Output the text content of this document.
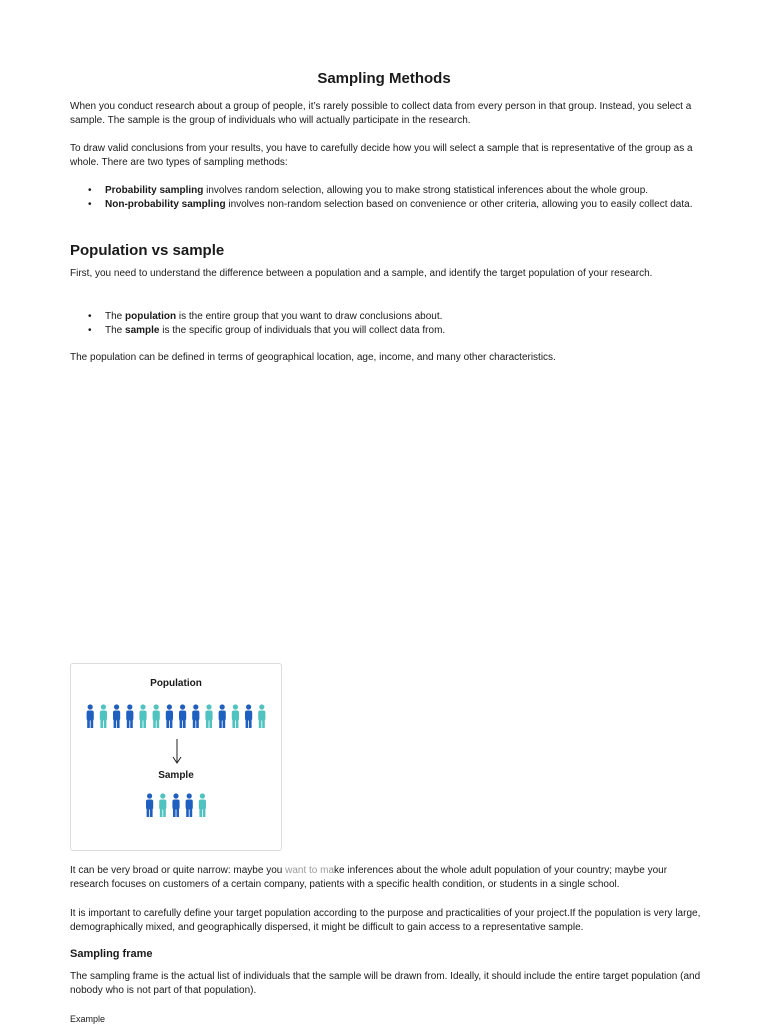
Sampling Methods

When you conduct research about a group of people, it’s rarely possible to collect data from every person in that group. Instead, you select a sample. The sample is the group of individuals who will actually participate in the research.

To draw valid conclusions from your results, you have to carefully decide how you will select a sample that is representative of the group as a whole. There are two types of sampling methods:

• Probability sampling involves random selection, allowing you to make strong statistical inferences about the whole group.
• Non-probability sampling involves non-random selection based on convenience or other criteria, allowing you to easily collect data.
Population vs sample

First, you need to understand the difference between a population and a sample, and identify the target population of your research.

• The population is the entire group that you want to draw conclusions about.
• The sample is the specific group of individuals that you will collect data from.

The population can be defined in terms of geographical location, age, income, and many other characteristics.

Population
Sample

It can be very broad or quite narrow: maybe you want to make inferences about the whole adult population of your country; maybe your research focuses on customers of a certain company, patients with a specific health condition, or students in a single school.

It is important to carefully define your target population according to the purpose and practicalities of your project.If the population is very large, demographically mixed, and geographically dispersed, it might be difficult to gain access to a representative sample.

Sampling frame

The sampling frame is the actual list of individuals that the sample will be drawn from. Ideally, it should include the entire target population (and nobody who is not part of that population).

Example
